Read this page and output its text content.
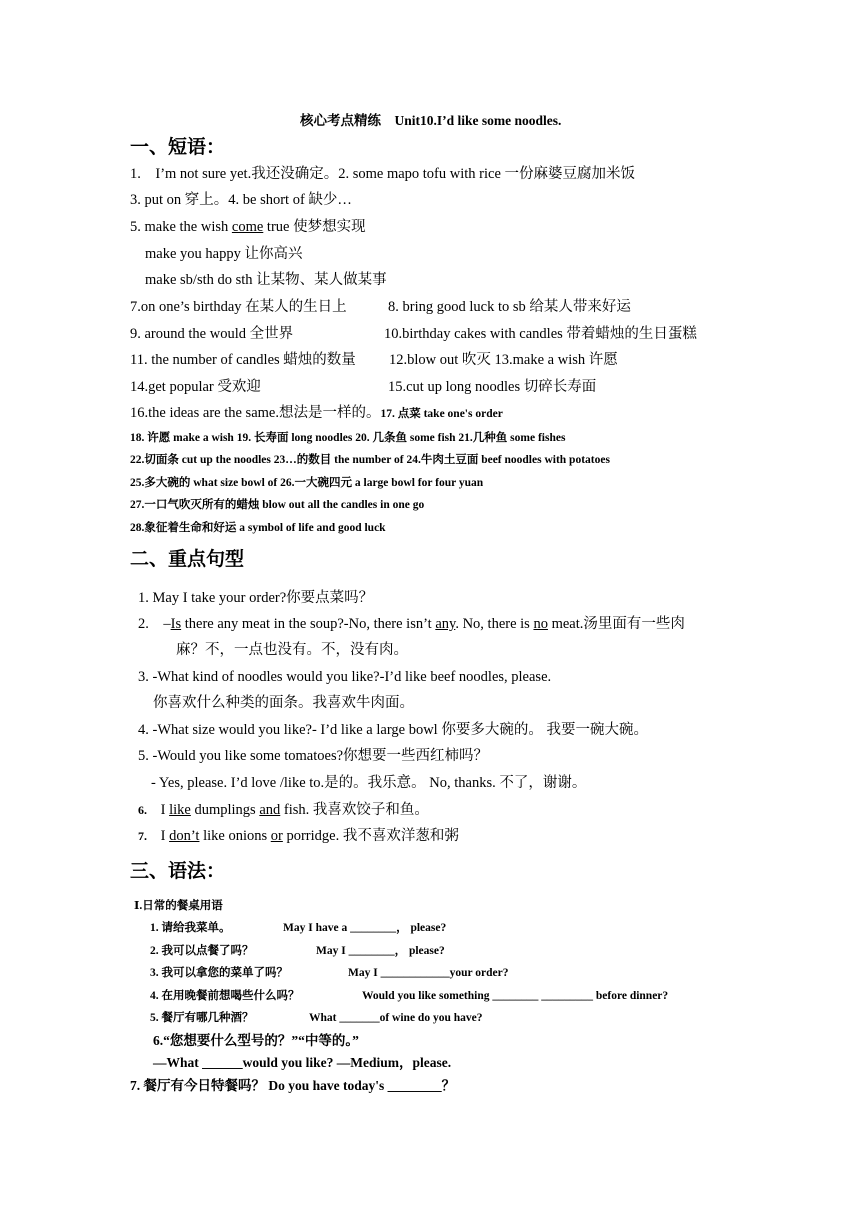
核心考点精练　Unit10.I’d like some noodles.
一、短语：
1.　I’m not sure yet.我还没确定。2. some mapo tofu with rice 一份麻婆豆腐加米饭
3. put on 穿上。4. be short of 缺少…
5. make the wish come true 使梦想实现
make you happy 让你高兴
make sb/sth do sth 让某物、某人做某事
7.on one’s birthday 在某人的生日上	8. bring good luck to sb 给某人带来好运
9. around the would 全世界	10.birthday cakes with candles 带着蜡烛的生日蛋糕
11. the number of candles 蜡烛的数量 12.blow out 吹灭 13.make a wish 许愿
14.get popular 受欢迎	15.cut up long noodles 切碎长寿面
16.the ideas are the same.想法是一样的。17. 点菜 take one's order
18. 许愿 make a wish 19. 长寿面 long noodles 20. 几条鱼 some fish 21.几种鱼 some fishes
22.切面条 cut up the noodles 23…的数目 the number of 24.牛肉土豆面 beef noodles with potatoes
25.多大碗的 what size bowl of 26.一大碗四元 a large bowl for four yuan
27.一口气吹灭所有的蜡烛 blow out all the candles in one go
28.象征着生命和好运 a symbol of life and good luck
二、重点句型
1. May I take your order?你要点菜吗？
2.　–Is there any meat in the soup?-No, there isn’t any. No, there is no meat.汤里面有一些肉
麻？不，一点也没有。不，没有肉。
3. -What kind of noodles would you like?-I’d like beef noodles, please.
你喜欢什么种类的面条。我喜欢牛肉面。
4. -What size would you like?- I’d like a large bowl 你要多大碗的。 我要一碗大碗。
5. -Would you like some tomatoes?你想要一些西红柿吗？
- Yes, please. I’d love /like to.是的。我乐意。 No, thanks. 不了，谢谢。
6. I like dumplings and fish. 我喜欢饺子和鱼。
7. I don’t like onions or porridge. 我不喜欢洋葱和粥
三、语法：
Ⅰ.日常的餐桌用语
1. 请给我菜单。	May I have a ________， please?
2. 我可以点餐了吗？	May I ________， please?
3. 我可以拿您的菜单了吗？	May I ____________your order?
4. 在用晚餐前想喝些什么吗？	Would you like something ________ _________ before dinner?
5. 餐厅有哪几种酒？	What _______of wine do you have?
6.“您想要什么型号的？”“中等的。”
—What ______would you like? —Medium，please.
7. 餐厅有今日特餐吗？ Do you have today's ________？
